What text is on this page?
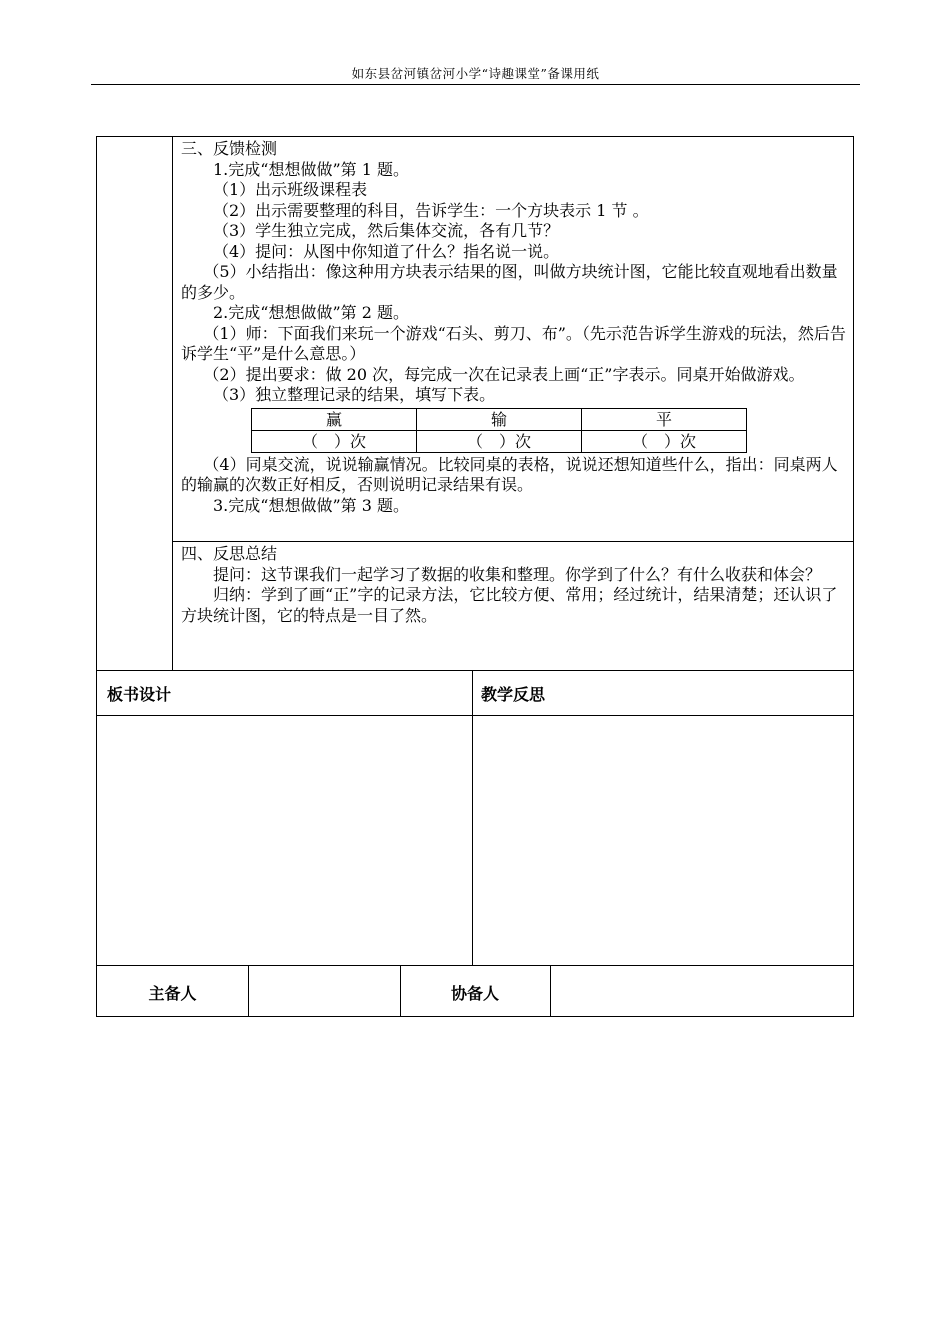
如东县岔河镇岔河小学“诗趣课堂”备课用纸

三、反馈检测

1.完成“想想做做”第 1 题。

（1）出示班级课程表

（2）出示需要整理的科目，告诉学生：一个方块表示 1 节 。

（3）学生独立完成，然后集体交流，各有几节？

（4）提问：从图中你知道了什么？指名说一说。

（5）小结指出：像这种用方块表示结果的图，叫做方块统计图，它能比较直观地看出数量的多少。

2.完成“想想做做”第 2 题。

（1）师：下面我们来玩一个游戏“石头、剪刀、布”。（先示范告诉学生游戏的玩法，然后告诉学生“平”是什么意思。）

（2）提出要求：做 20 次，每完成一次在记录表上画“正”字表示。同桌开始做游戏。

（3）独立整理记录的结果，填写下表。

赢	输	平
（　）次	（　）次	（　）次

（4）同桌交流，说说输赢情况。比较同桌的表格，说说还想知道些什么，指出：同桌两人的输赢的次数正好相反，否则说明记录结果有误。

3.完成“想想做做”第 3 题。

四、反思总结

提问：这节课我们一起学习了数据的收集和整理。你学到了什么？有什么收获和体会？

归纳：学到了画“正”字的记录方法，它比较方便、常用；经过统计，结果清楚；还认识了方块统计图，它的特点是一目了然。

板书设计	教学反思
主备人	协备人
